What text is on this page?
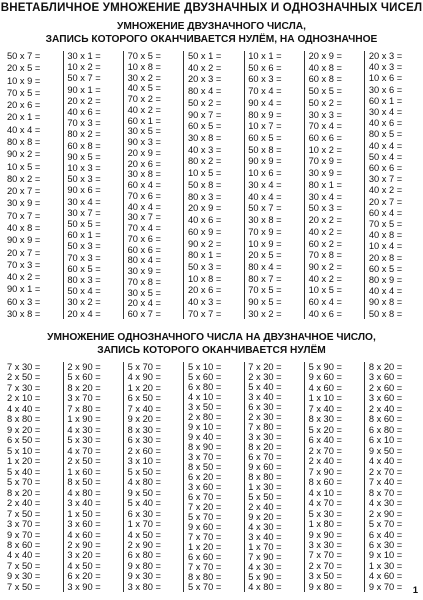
ВНЕТАБЛИЧНОЕ УМНОЖЕНИЕ ДВУЗНАЧНЫХ И ОДНОЗНАЧНЫХ ЧИСЕЛ
УМНОЖЕНИЕ ДВУЗНАЧНОГО ЧИСЛА,
ЗАПИСЬ КОТОРОГО ОКАНЧИВАЕТСЯ НУЛЁМ, НА ОДНОЗНАЧНОЕ
50 x 7 =
20 x 5 =
10 x 9 =
70 x 5 =
20 x 6 =
20 x 1 =
40 x 4 =
80 x 8 =
90 x 2 =
10 x 5 =
80 x 2 =
20 x 7 =
30 x 9 =
70 x 7 =
40 x 8 =
90 x 9 =
20 x 7 =
70 x 3 =
40 x 2 =
90 x 1 =
60 x 3 =
30 x 8 =
30 x 1 =
10 x 2 =
50 x 7 =
90 x 1 =
20 x 2 =
40 x 6 =
70 x 3 =
80 x 2 =
60 x 8 =
90 x 5 =
10 x 3 =
50 x 3 =
90 x 6 =
30 x 4 =
30 x 7 =
50 x 5 =
60 x 1 =
50 x 3 =
70 x 3 =
60 x 5 =
80 x 3 =
50 x 4 =
30 x 2 =
20 x 4 =
70 x 5 =
10 x 8 =
30 x 2 =
40 x 5 =
70 x 2 =
40 x 2 =
60 x 1 =
30 x 5 =
90 x 3 =
20 x 9 =
20 x 6 =
30 x 8 =
60 x 4 =
70 x 6 =
40 x 4 =
30 x 7 =
70 x 4 =
70 x 6 =
60 x 6 =
80 x 4 =
30 x 9 =
70 x 8 =
30 x 5 =
20 x 4 =
60 x 7 =
50 x 1 =
40 x 2 =
20 x 3 =
80 x 4 =
50 x 2 =
90 x 7 =
60 x 5 =
30 x 8 =
40 x 3 =
80 x 2 =
10 x 5 =
50 x 8 =
80 x 3 =
20 x 9 =
40 x 6 =
60 x 9 =
90 x 2 =
80 x 1 =
50 x 3 =
10 x 8 =
20 x 6 =
40 x 3 =
70 x 7 =
10 x 1 =
50 x 6 =
60 x 3 =
70 x 4 =
90 x 4 =
80 x 9 =
10 x 7 =
60 x 5 =
50 x 8 =
90 x 9 =
10 x 6 =
30 x 4 =
40 x 4 =
50 x 7 =
30 x 8 =
70 x 9 =
10 x 9 =
20 x 5 =
80 x 4 =
80 x 7 =
70 x 5 =
90 x 5 =
30 x 2 =
20 x 9 =
40 x 8 =
60 x 8 =
50 x 5 =
50 x 2 =
30 x 3 =
70 x 4 =
60 x 6 =
10 x 2 =
70 x 9 =
30 x 9 =
80 x 1 =
30 x 4 =
50 x 3 =
20 x 2 =
40 x 2 =
60 x 2 =
70 x 8 =
90 x 2 =
40 x 2 =
10 x 5 =
60 x 4 =
40 x 6 =
20 x 3 =
40 x 3 =
10 x 6 =
30 x 6 =
60 x 1 =
30 x 4 =
40 x 6 =
80 x 5 =
40 x 4 =
50 x 4 =
60 x 6 =
30 x 7 =
40 x 2 =
20 x 7 =
60 x 4 =
70 x 5 =
40 x 8 =
10 x 4 =
20 x 8 =
60 x 5 =
80 x 9 =
40 x 4 =
90 x 8 =
50 x 8 =
УМНОЖЕНИЕ ОДНОЗНАЧНОГО ЧИСЛА НА ДВУЗНАЧНОЕ ЧИСЛО,
ЗАПИСЬ КОТОРОГО ОКАНЧИВАЕТСЯ НУЛЁМ
7 x 30 =
2 x 50 =
7 x 30 =
2 x 10 =
4 x 40 =
8 x 80 =
9 x 20 =
6 x 50 =
5 x 10 =
1 x 20 =
5 x 40 =
5 x 70 =
8 x 20 =
2 x 40 =
7 x 50 =
3 x 70 =
9 x 70 =
8 x 60 =
4 x 40 =
7 x 50 =
9 x 30 =
7 x 50 =
2 x 90 =
5 x 60 =
8 x 20 =
3 x 70 =
7 x 80 =
1 x 90 =
4 x 30 =
5 x 30 =
4 x 70 =
2 x 50 =
1 x 60 =
8 x 50 =
4 x 80 =
3 x 40 =
1 x 50 =
3 x 60 =
4 x 60 =
2 x 90 =
3 x 20 =
4 x 50 =
6 x 20 =
3 x 90 =
5 x 70 =
4 x 90 =
1 x 20 =
6 x 50 =
7 x 40 =
9 x 20 =
8 x 30 =
6 x 30 =
2 x 60 =
3 x 10 =
5 x 50 =
4 x 80 =
9 x 50 =
5 x 40 =
6 x 30 =
1 x 70 =
4 x 50 =
2 x 90 =
6 x 80 =
9 x 80 =
9 x 30 =
3 x 80 =
5 x 10 =
5 x 60 =
6 x 80 =
4 x 10 =
3 x 50 =
2 x 80 =
9 x 10 =
9 x 40 =
8 x 90 =
3 x 70 =
8 x 50 =
6 x 20 =
3 x 60 =
6 x 70 =
7 x 20 =
5 x 70 =
9 x 60 =
7 x 70 =
1 x 20 =
6 x 60 =
7 x 70 =
8 x 80 =
5 x 70 =
7 x 20 =
2 x 30 =
5 x 40 =
3 x 40 =
6 x 30 =
2 x 30 =
7 x 80 =
3 x 30 =
8 x 20 =
6 x 70 =
9 x 60 =
8 x 80 =
1 x 30 =
5 x 50 =
2 x 40 =
9 x 20 =
4 x 30 =
3 x 40 =
1 x 70 =
7 x 90 =
4 x 30 =
5 x 90 =
4 x 80 =
5 x 90 =
9 x 60 =
4 x 60 =
1 x 10 =
7 x 40 =
8 x 30 =
5 x 20 =
6 x 40 =
2 x 70 =
2 x 40 =
7 x 90 =
8 x 60 =
4 x 10 =
4 x 70 =
5 x 30 =
1 x 80 =
9 x 90 =
3 x 30 =
7 x 70 =
2 x 70 =
3 x 50 =
9 x 80 =
8 x 20 =
3 x 60 =
2 x 60 =
3 x 60 =
2 x 40 =
8 x 60 =
6 x 80 =
6 x 10 =
9 x 50 =
4 x 40 =
2 x 70 =
7 x 40 =
8 x 70 =
4 x 30 =
2 x 90 =
5 x 70 =
6 x 40 =
6 x 30 =
9 x 10 =
1 x 30 =
4 x 60 =
9 x 70 =	1
